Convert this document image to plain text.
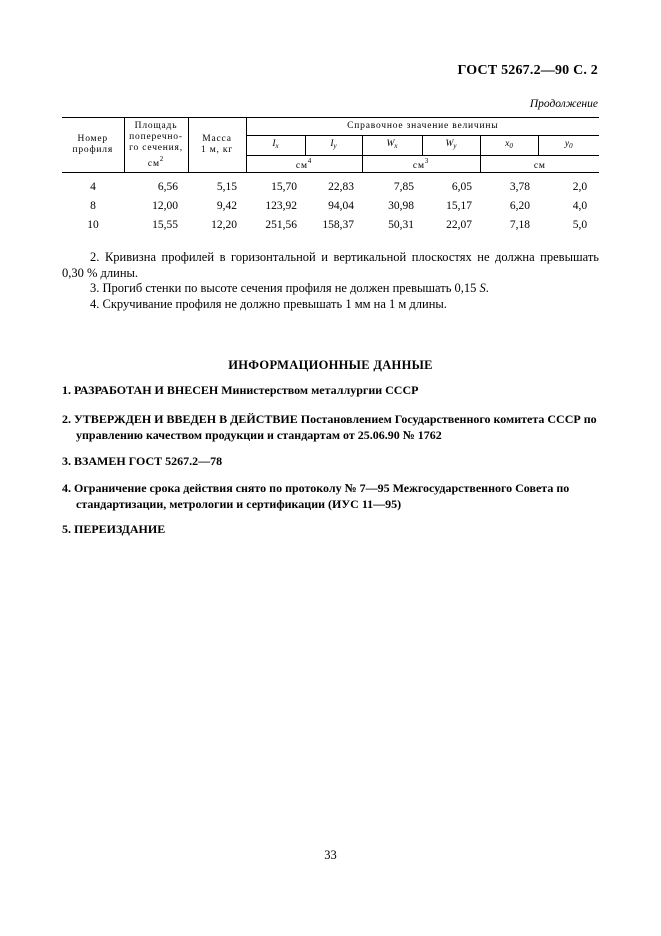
ГОСТ 5267.2—90 С. 2
Продолжение
Номер
профиля	Площадь
поперечно-
го сечения,
$см^2$	Масса
1 м, кг	Справочное значение величины					
			$I_x$	$I_y$	$W_x$	$W_y$	$x_0$	$y_0$
			$см^4$		$см^3$		см	
4	6,56	5,15	15,70	22,83	7,85	6,05	3,78	2,0
8	12,00	9,42	123,92	94,04	30,98	15,17	6,20	4,0
10	15,55	12,20	251,56	158,37	50,31	22,07	7,18	5,0
2. Кривизна профилей в горизонтальной и вертикальной плоскостях не должна превышать 0,30 % длины.
3. Прогиб стенки по высоте сечения профиля не должен превышать 0,15 S.
4. Скручивание профиля не должно превышать 1 мм на 1 м длины.
ИНФОРМАЦИОННЫЕ ДАННЫЕ
1. РАЗРАБОТАН И ВНЕСЕН Министерством металлургии СССР
2. УТВЕРЖДЕН И ВВЕДЕН В ДЕЙСТВИЕ Постановлением Государственного комитета СССР по управлению качеством продукции и стандартам от 25.06.90 № 1762
3. ВЗАМЕН ГОСТ 5267.2—78
4. Ограничение срока действия снято по протоколу № 7—95 Межгосударственного Совета по стандартизации, метрологии и сертификации (ИУС 11—95)
5. ПЕРЕИЗДАНИЕ
33
